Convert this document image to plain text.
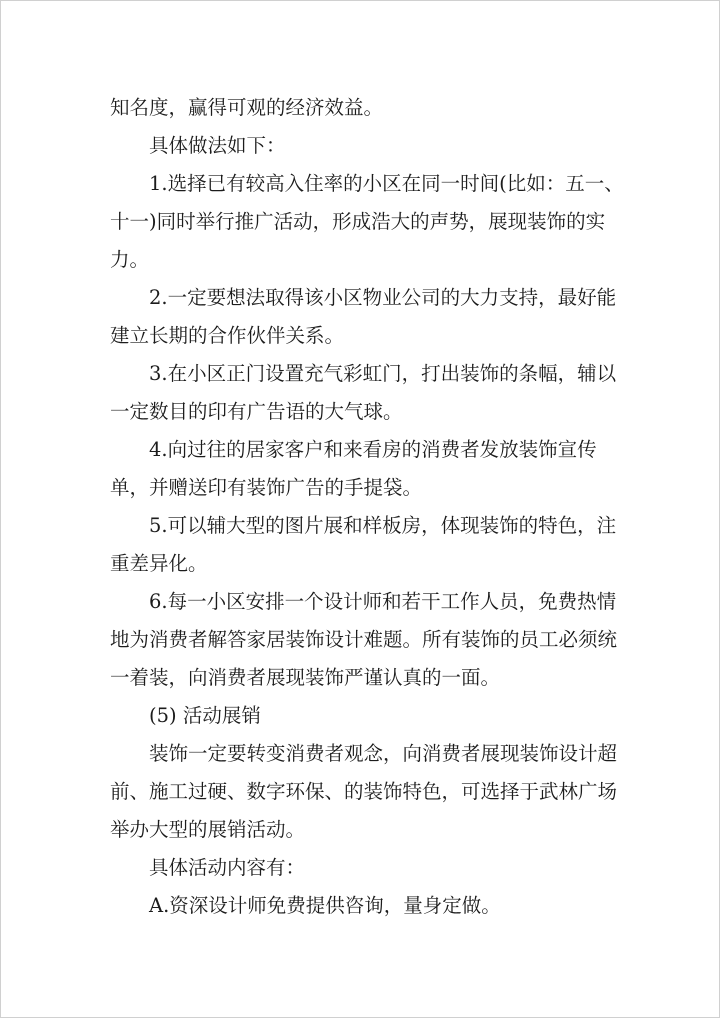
知名度，赢得可观的经济效益。
具体做法如下：
1.选择已有较高入住率的小区在同一时间(比如：五一、
十一)同时举行推广活动，形成浩大的声势，展现装饰的实
力。
2.一定要想法取得该小区物业公司的大力支持，最好能
建立长期的合作伙伴关系。
3.在小区正门设置充气彩虹门，打出装饰的条幅，辅以
一定数目的印有广告语的大气球。
4.向过往的居家客户和来看房的消费者发放装饰宣传
单，并赠送印有装饰广告的手提袋。
5.可以辅大型的图片展和样板房，体现装饰的特色，注
重差异化。
6.每一小区安排一个设计师和若干工作人员，免费热情
地为消费者解答家居装饰设计难题。所有装饰的员工必须统
一着装，向消费者展现装饰严谨认真的一面。
(5) 活动展销
装饰一定要转变消费者观念，向消费者展现装饰设计超
前、施工过硬、数字环保、的装饰特色，可选择于武林广场
举办大型的展销活动。
具体活动内容有：
A.资深设计师免费提供咨询，量身定做。
